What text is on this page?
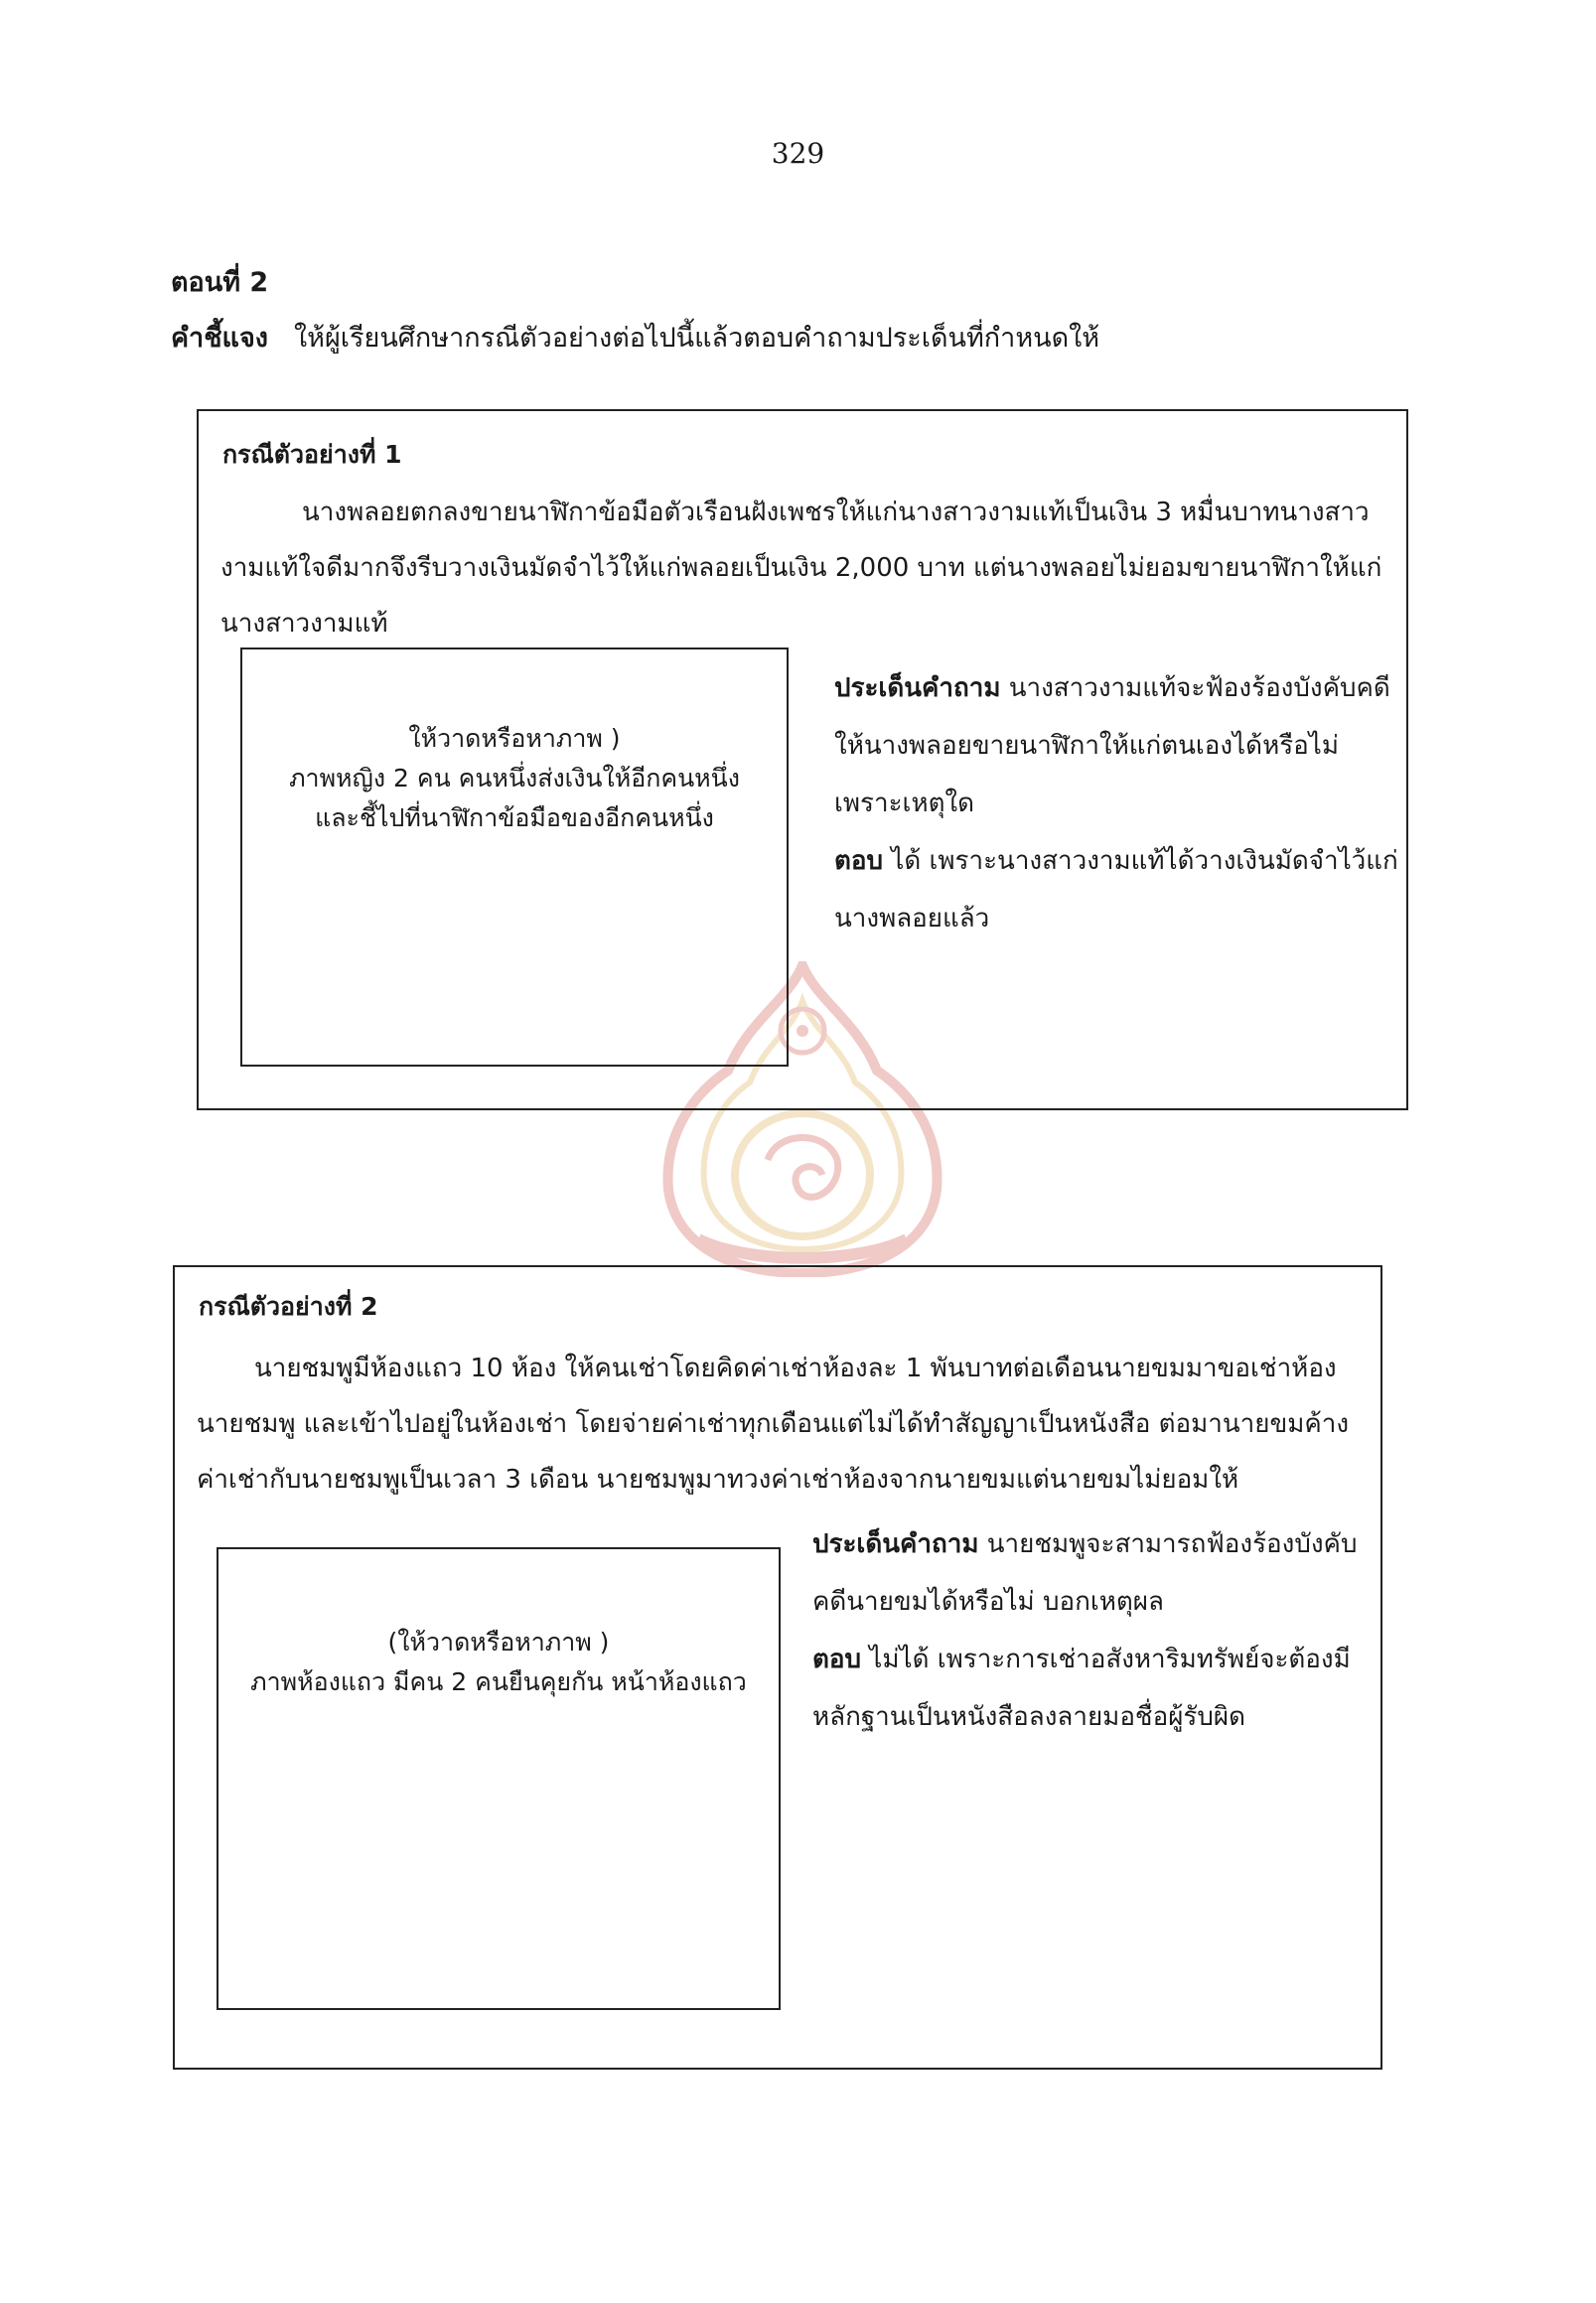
329
ตอนที่ 2
คำชี้แจง ให้ผู้เรียนศึกษากรณีตัวอย่างต่อไปนี้แล้วตอบคำถามประเด็นที่กำหนดให้
กรณีตัวอย่างที่ 1
นางพลอยตกลงขายนาฬิกาข้อมือตัวเรือนฝังเพชรให้แก่นางสาวงามแท้เป็นเงิน 3 หมื่นบาทนางสาวงามแท้ใจดีมากจึงรีบวางเงินมัดจำไว้ให้แก่พลอยเป็นเงิน 2,000 บาท แต่นางพลอยไม่ยอมขายนาฬิกาให้แก่นางสาวงามแท้
ให้วาดหรือหาภาพ )
ภาพหญิง 2 คน คนหนึ่งส่งเงินให้อีกคนหนึ่ง
และชี้ไปที่นาฬิกาข้อมือของอีกคนหนึ่ง
ประเด็นคำถาม นางสาวงามแท้จะฟ้องร้องบังคับคดีให้นางพลอยขายนาฬิกาให้แก่ตนเองได้หรือไม่ เพราะเหตุใด
ตอบ ได้ เพราะนางสาวงามแท้ได้วางเงินมัดจำไว้แก่นางพลอยแล้ว
กรณีตัวอย่างที่ 2
นายชมพูมีห้องแถว 10 ห้อง ให้คนเช่าโดยคิดค่าเช่าห้องละ 1 พันบาทต่อเดือนนายขมมาขอเช่าห้องนายชมพู และเข้าไปอยู่ในห้องเช่า โดยจ่ายค่าเช่าทุกเดือนแต่ไม่ได้ทำสัญญาเป็นหนังสือ ต่อมานายขมค้างค่าเช่ากับนายชมพูเป็นเวลา 3 เดือน นายชมพูมาทวงค่าเช่าห้องจากนายขมแต่นายขมไม่ยอมให้
(ให้วาดหรือหาภาพ )
ภาพห้องแถว มีคน 2 คนยืนคุยกัน หน้าห้องแถว
ประเด็นคำถาม นายชมพูจะสามารถฟ้องร้องบังคับคดีนายขมได้หรือไม่ บอกเหตุผล
ตอบ ไม่ได้ เพราะการเช่าอสังหาริมทรัพย์จะต้องมีหลักฐานเป็นหนังสือลงลายมอชื่อผู้รับผิด
